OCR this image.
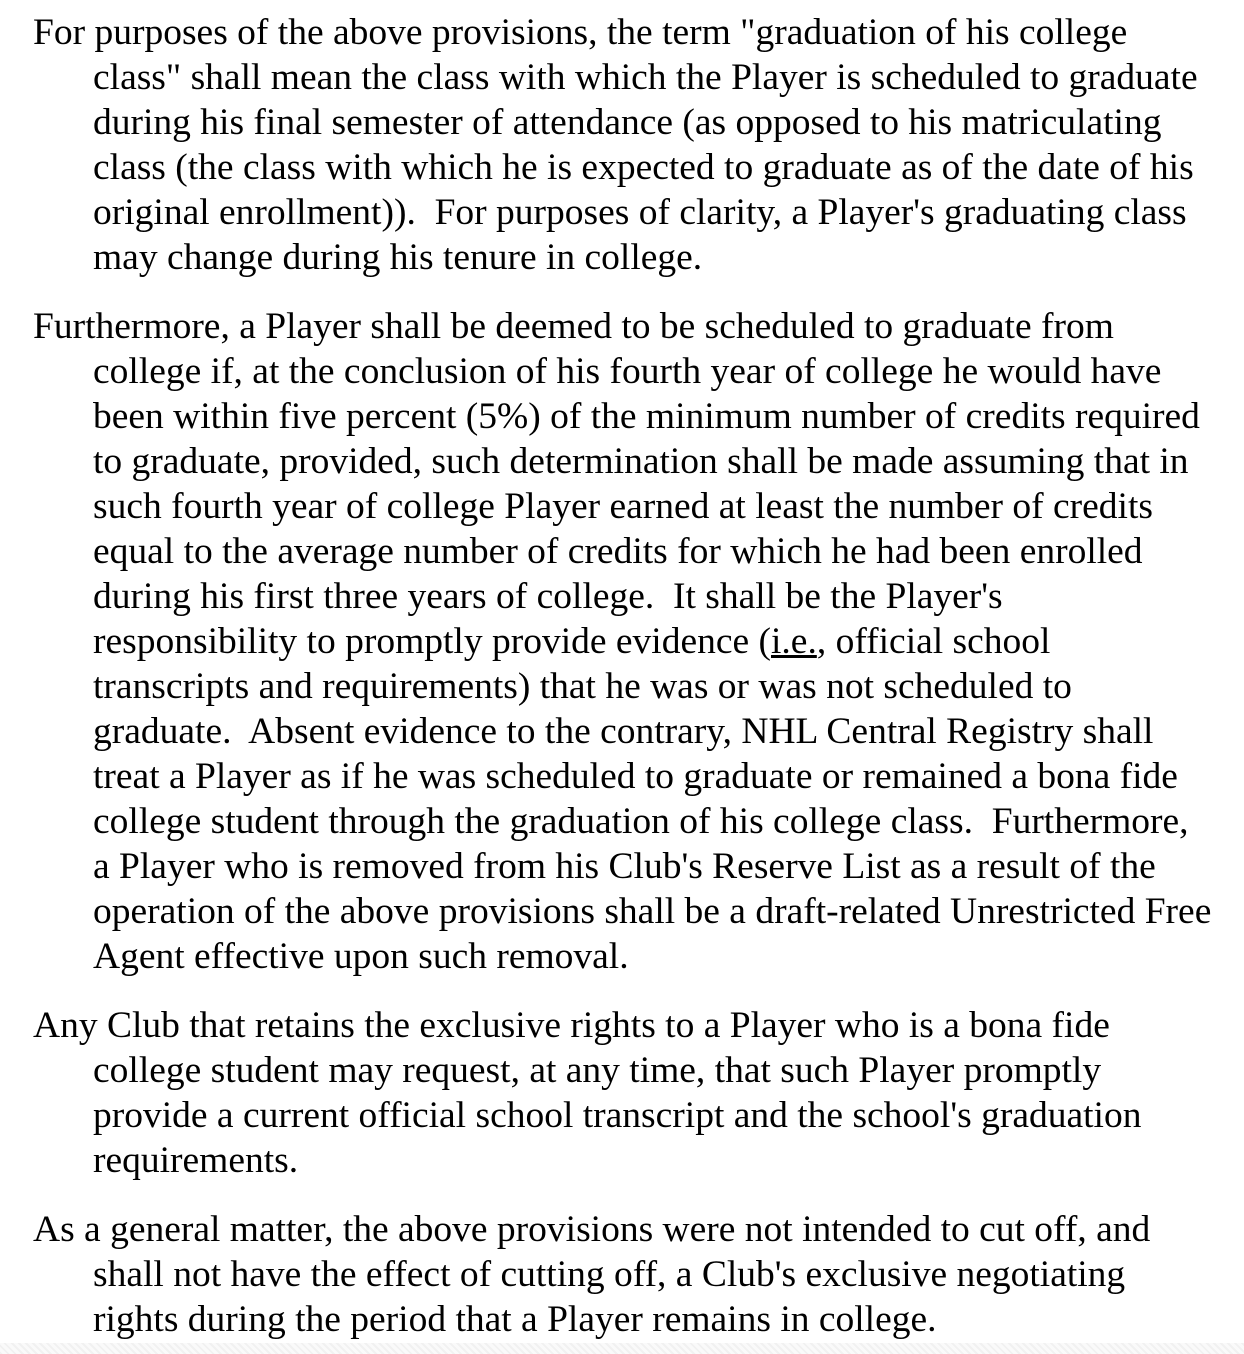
For purposes of the above provisions, the term "graduation of his college class" shall mean the class with which the Player is scheduled to graduate during his final semester of attendance (as opposed to his matriculating class (the class with which he is expected to graduate as of the date of his original enrollment)).  For purposes of clarity, a Player's graduating class may change during his tenure in college.

Furthermore, a Player shall be deemed to be scheduled to graduate from college if, at the conclusion of his fourth year of college he would have been within five percent (5%) of the minimum number of credits required to graduate, provided, such determination shall be made assuming that in such fourth year of college Player earned at least the number of credits equal to the average number of credits for which he had been enrolled during his first three years of college.  It shall be the Player's responsibility to promptly provide evidence (i.e., official school transcripts and requirements) that he was or was not scheduled to graduate.  Absent evidence to the contrary, NHL Central Registry shall treat a Player as if he was scheduled to graduate or remained a bona fide college student through the graduation of his college class.  Furthermore, a Player who is removed from his Club's Reserve List as a result of the operation of the above provisions shall be a draft-related Unrestricted Free Agent effective upon such removal.

Any Club that retains the exclusive rights to a Player who is a bona fide college student may request, at any time, that such Player promptly provide a current official school transcript and the school's graduation requirements.

As a general matter, the above provisions were not intended to cut off, and shall not have the effect of cutting off, a Club's exclusive negotiating rights during the period that a Player remains in college.
